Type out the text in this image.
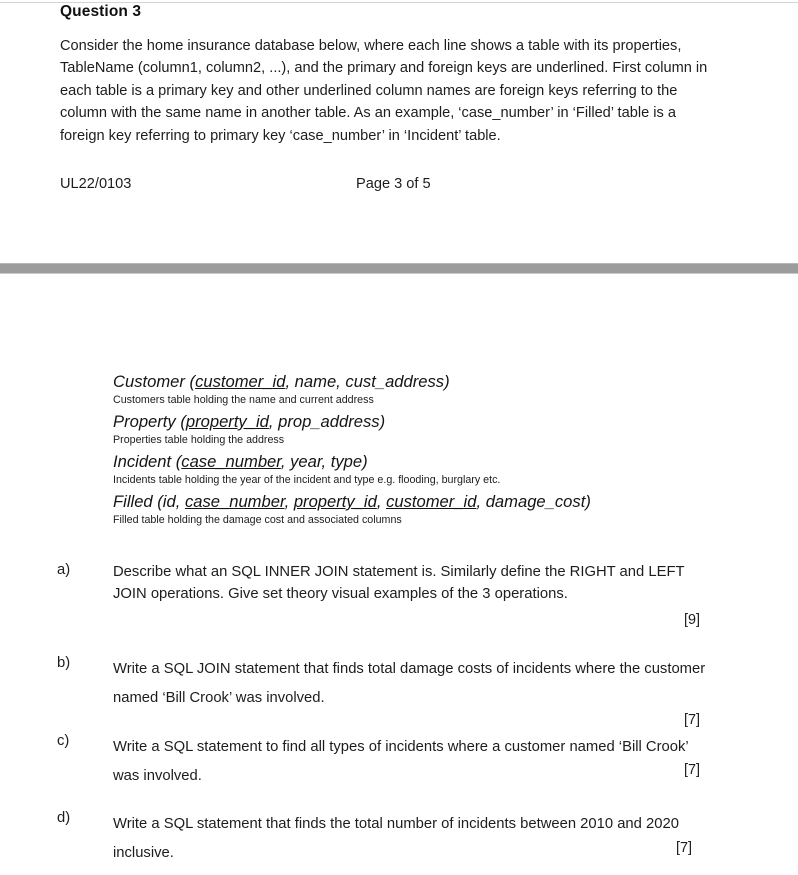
Question 3
Consider the home insurance database below, where each line shows a table with its properties, TableName (column1, column2, ...), and the primary and foreign keys are underlined. First column in each table is a primary key and other underlined column names are foreign keys referring to the column with the same name in another table. As an example, ‘case_number’ in ‘Filled’ table is a foreign key referring to primary key ‘case_number’ in ‘Incident’ table.
UL22/0103	Page 3 of 5
Customer (customer_id, name, cust_address)
Customers table holding the name and current address
Property (property_id, prop_address)
Properties table holding the address
Incident (case_number, year, type)
Incidents table holding the year of the incident and type e.g. flooding, burglary etc.
Filled (id, case_number, property_id, customer_id, damage_cost)
Filled table holding the damage cost and associated columns
a)	Describe what an SQL INNER JOIN statement is. Similarly define the RIGHT and LEFT JOIN operations. Give set theory visual examples of the 3 operations.
[9]
b)	Write a SQL JOIN statement that finds total damage costs of incidents where the customer named ‘Bill Crook’ was involved.
[7]
c)	Write a SQL statement to find all types of incidents where a customer named ‘Bill Crook’ was involved.	[7]
d)	Write a SQL statement that finds the total number of incidents between 2010 and 2020 inclusive.	[7]
